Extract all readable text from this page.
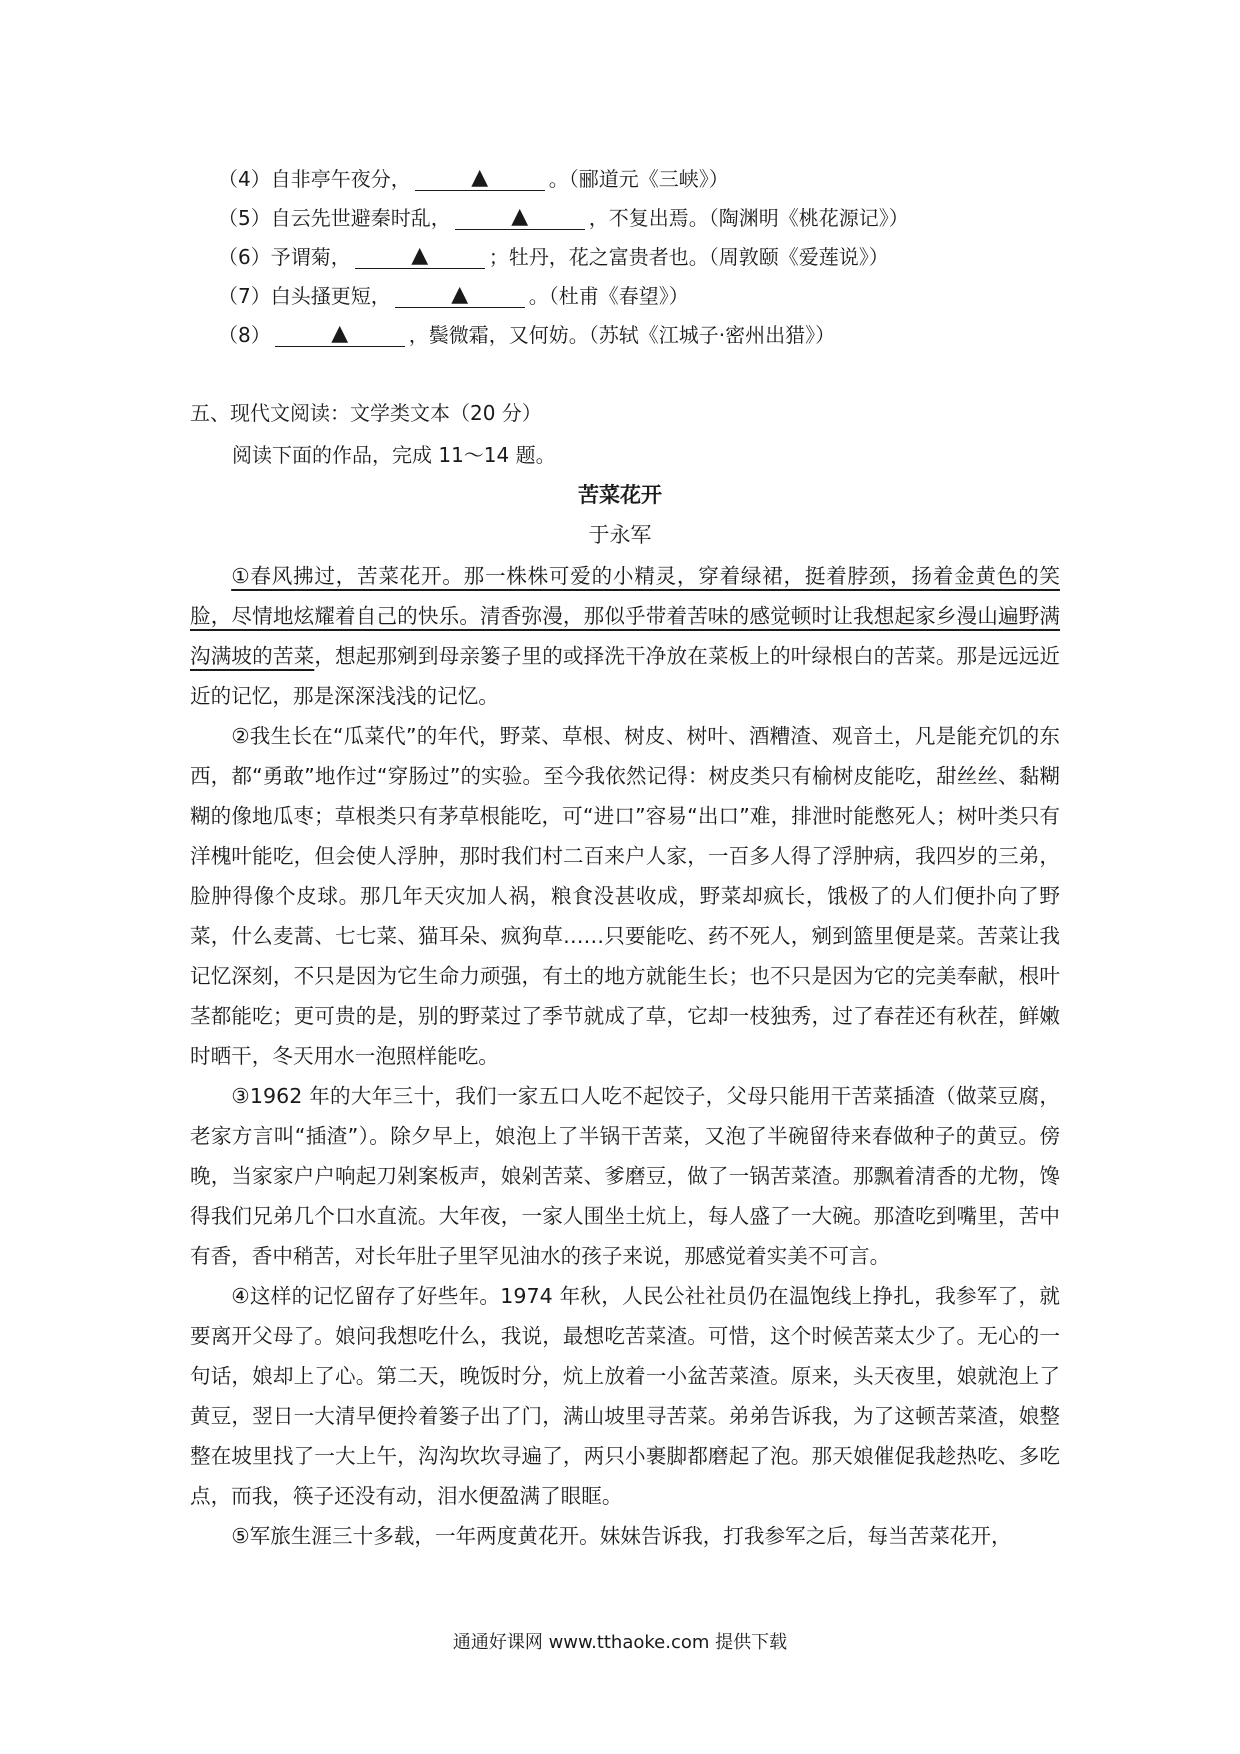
（4）自非亭午夜分，	▲	。（郦道元《三峡》）
（5）自云先世避秦时乱，	▲	，不复出焉。（陶渊明《桃花源记》）
（6）予谓菊，	▲	；牡丹，花之富贵者也。（周敦颐《爱莲说》）
（7）白头搔更短，	▲	。（杜甫《春望》）
（8）	▲	，鬓微霜，又何妨。（苏轼《江城子·密州出猎》）
五、现代文阅读：文学类文本（20 分）
阅读下面的作品，完成 11～14 题。
苦菜花开
于永军

①春风拂过，苦菜花开。那一株株可爱的小精灵，穿着绿裙，挺着脖颈，扬着金黄色的笑脸，尽情地炫耀着自己的快乐。清香弥漫，那似乎带着苦味的感觉顿时让我想起家乡漫山遍野满沟满坡的苦菜，想起那剜到母亲篓子里的或择洗干净放在菜板上的叶绿根白的苦菜。那是远远近近的记忆，那是深深浅浅的记忆。

②我生长在“瓜菜代”的年代，野菜、草根、树皮、树叶、酒糟渣、观音土，凡是能充饥的东西，都“勇敢”地作过“穿肠过”的实验。至今我依然记得：树皮类只有榆树皮能吃，甜丝丝、黏糊糊的像地瓜枣；草根类只有茅草根能吃，可“进口”容易“出口”难，排泄时能憋死人；树叶类只有洋槐叶能吃，但会使人浮肿，那时我们村二百来户人家，一百多人得了浮肿病，我四岁的三弟，脸肿得像个皮球。那几年天灾加人祸，粮食没甚收成，野菜却疯长，饿极了的人们便扑向了野菜，什么麦蒿、七七菜、猫耳朵、疯狗草……只要能吃、药不死人，剜到篮里便是菜。苦菜让我记忆深刻，不只是因为它生命力顽强，有土的地方就能生长；也不只是因为它的完美奉献，根叶茎都能吃；更可贵的是，别的野菜过了季节就成了草，它却一枝独秀，过了春茬还有秋茬，鲜嫩时晒干，冬天用水一泡照样能吃。

③1962 年的大年三十，我们一家五口人吃不起饺子，父母只能用干苦菜插渣（做菜豆腐，老家方言叫“插渣”）。除夕早上，娘泡上了半锅干苦菜，又泡了半碗留待来春做种子的黄豆。傍晚，当家家户户响起刀剁案板声，娘剁苦菜、爹磨豆，做了一锅苦菜渣。那飘着清香的尤物，馋得我们兄弟几个口水直流。大年夜，一家人围坐土炕上，每人盛了一大碗。那渣吃到嘴里，苦中有香，香中稍苦，对长年肚子里罕见油水的孩子来说，那感觉着实美不可言。

④这样的记忆留存了好些年。1974 年秋，人民公社社员仍在温饱线上挣扎，我参军了，就要离开父母了。娘问我想吃什么，我说，最想吃苦菜渣。可惜，这个时候苦菜太少了。无心的一句话，娘却上了心。第二天，晚饭时分，炕上放着一小盆苦菜渣。原来，头天夜里，娘就泡上了黄豆，翌日一大清早便拎着篓子出了门，满山坡里寻苦菜。弟弟告诉我，为了这顿苦菜渣，娘整整在坡里找了一大上午，沟沟坎坎寻遍了，两只小裹脚都磨起了泡。那天娘催促我趁热吃、多吃点，而我，筷子还没有动，泪水便盈满了眼眶。

⑤军旅生涯三十多载，一年两度黄花开。妹妹告诉我，打我参军之后，每当苦菜花开，

通通好课网 www.tthaoke.com 提供下载
